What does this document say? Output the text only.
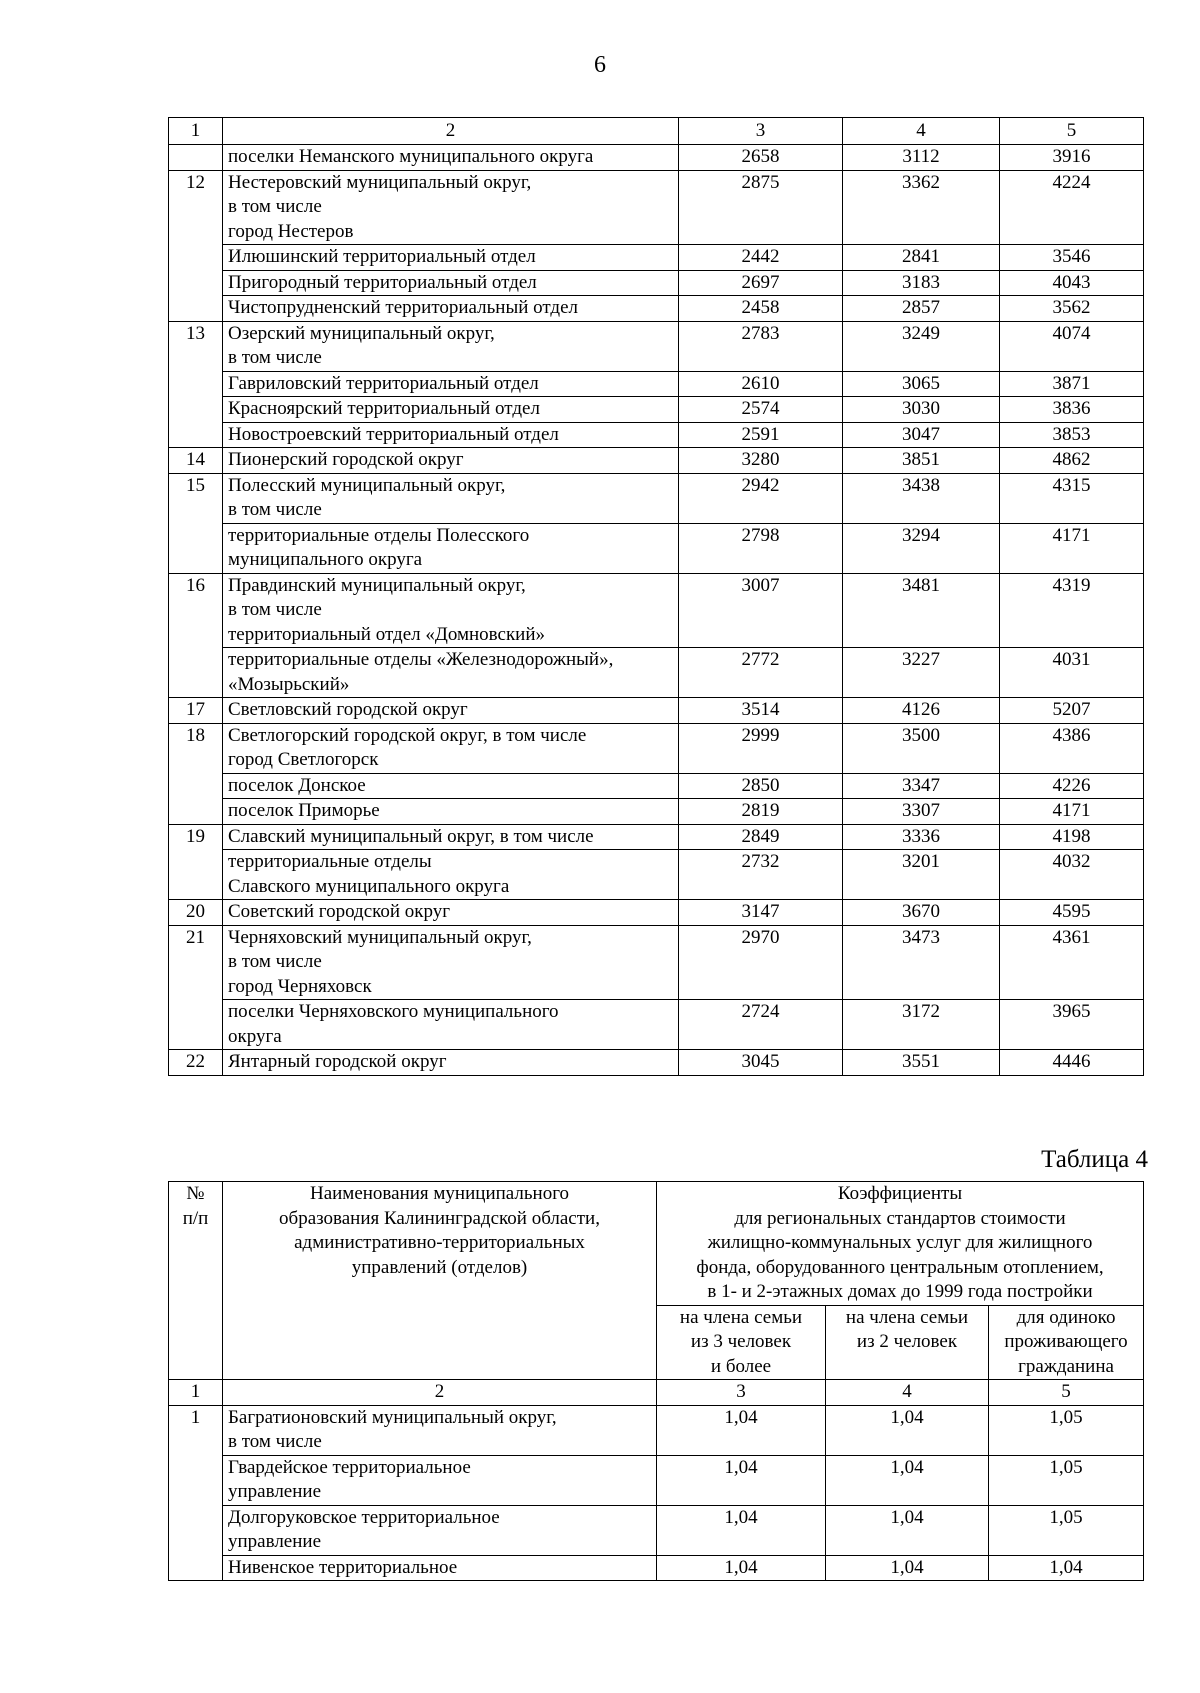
6
1	2	3	4	5
	поселки Неманского муниципального округа	2658	3112	3916
12	Нестеровский муниципальный округ,
в том числе
город Нестеров	2875	3362	4224
	Илюшинский территориальный отдел	2442	2841	3546
	Пригородный территориальный отдел	2697	3183	4043
	Чистопрудненский территориальный отдел	2458	2857	3562
13	Озерский муниципальный округ,
в том числе	2783	3249	4074
	Гавриловский территориальный отдел	2610	3065	3871
	Красноярский территориальный отдел	2574	3030	3836
	Новостроевский территориальный отдел	2591	3047	3853
14	Пионерский городской округ	3280	3851	4862
15	Полесский муниципальный округ,
в том числе	2942	3438	4315
	территориальные отделы Полесского
муниципального округа	2798	3294	4171
16	Правдинский муниципальный округ,
в том числе
территориальный отдел «Домновский»	3007	3481	4319
	территориальные отделы «Железнодорожный»,
«Мозырьский»	2772	3227	4031
17	Светловский городской округ	3514	4126	5207
18	Светлогорский городской округ, в том числе
город Светлогорск	2999	3500	4386
	поселок Донское	2850	3347	4226
	поселок Приморье	2819	3307	4171
19	Славский муниципальный округ, в том числе	2849	3336	4198
	территориальные отделы
Славского муниципального округа	2732	3201	4032
20	Советский городской округ	3147	3670	4595
21	Черняховский муниципальный округ,
в том числе
город Черняховск	2970	3473	4361
	поселки Черняховского муниципального
округа	2724	3172	3965
22	Янтарный городской округ	3045	3551	4446
Таблица 4
№
п/п	Наименования муниципального
образования Калининградской области,
административно-территориальных
управлений (отделов)	Коэффициенты
для региональных стандартов стоимости
жилищно-коммунальных услуг для жилищного
фонда, оборудованного центральным отоплением,
в 1- и 2-этажных домах до 1999 года постройки		
		на члена семьи
из 3 человек
и более	на члена семьи
из 2 человек	для одиноко
проживающего
гражданина
1	2	3	4	5
1	Багратионовский муниципальный округ,
в том числе	1,04	1,04	1,05
	Гвардейское территориальное
управление	1,04	1,04	1,05
	Долгоруковское территориальное
управление	1,04	1,04	1,05
	Нивенское территориальное	1,04	1,04	1,04
